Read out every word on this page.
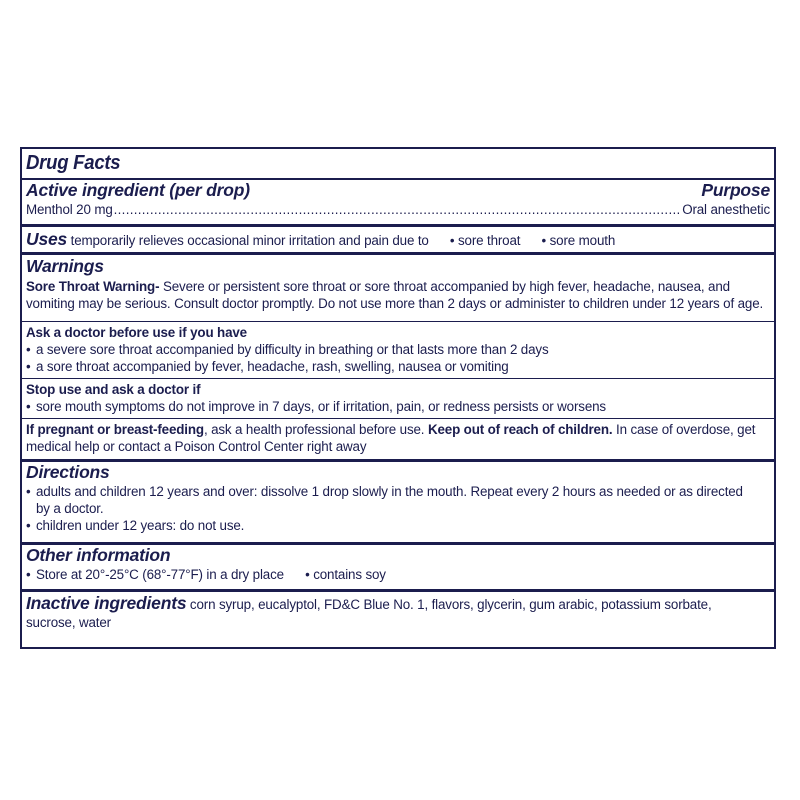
Drug Facts
Active ingredient (per drop)	Purpose
Menthol 20 mg
.....	Oral anesthetic
Uses temporarily relieves occasional minor irritation and pain due to • sore throat • sore mouth
Warnings
Sore Throat Warning- Severe or persistent sore throat or sore throat accompanied by high fever, headache, nausea, and
vomiting may be serious. Consult doctor promptly. Do not use more than 2 days or administer to children under 12 years of age.
Ask a doctor before use if you have
• a severe sore throat accompanied by difficulty in breathing or that lasts more than 2 days
• a sore throat accompanied by fever, headache, rash, swelling, nausea or vomiting
Stop use and ask a doctor if
• sore mouth symptoms do not improve in 7 days, or if irritation, pain, or redness persists or worsens
If pregnant or breast-feeding, ask a health professional before use. Keep out of reach of children. In case of overdose, get
medical help or contact a Poison Control Center right away
Directions
• adults and children 12 years and over: dissolve 1 drop slowly in the mouth. Repeat every 2 hours as needed or as directed
by a doctor.
• children under 12 years: do not use.
Other information
• Store at 20°-25°C (68°-77°F) in a dry place • contains soy
Inactive ingredients corn syrup, eucalyptol, FD&C Blue No. 1, flavors, glycerin, gum arabic, potassium sorbate,
sucrose, water
